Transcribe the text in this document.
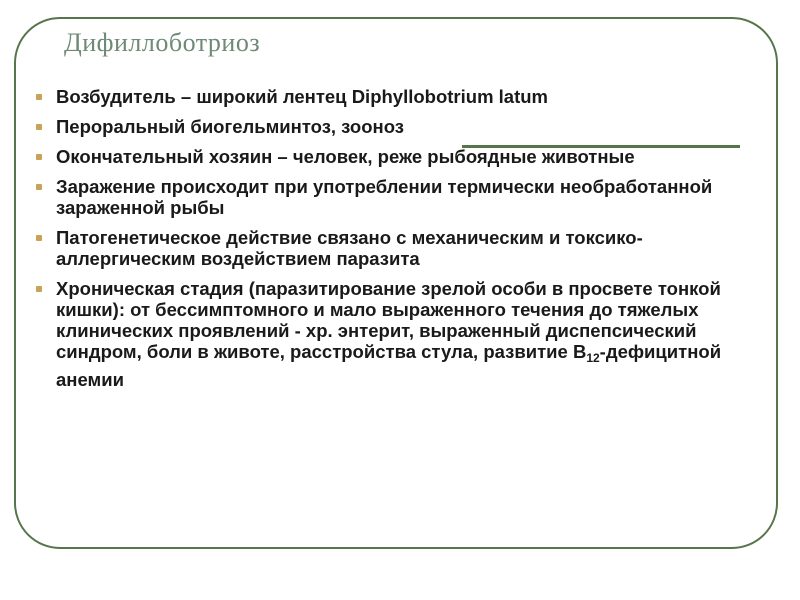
Дифиллоботриоз
Возбудитель – широкий лентец Diphyllobotrium latum
Пероральный биогельминтоз, зооноз
Окончательный хозяин – человек, реже рыбоядные животные
Заражение происходит при употреблении термически необработанной зараженной рыбы
Патогенетическое действие связано с механическим и токсико-аллергическим воздействием паразита
Хроническая стадия (паразитирование зрелой особи в просвете тонкой кишки): от бессимптомного и мало выраженного течения до тяжелых клинических проявлений - хр. энтерит, выраженный диспепсический синдром, боли в животе, расстройства стула, развитие $B_{12}$-дефицитной анемии
